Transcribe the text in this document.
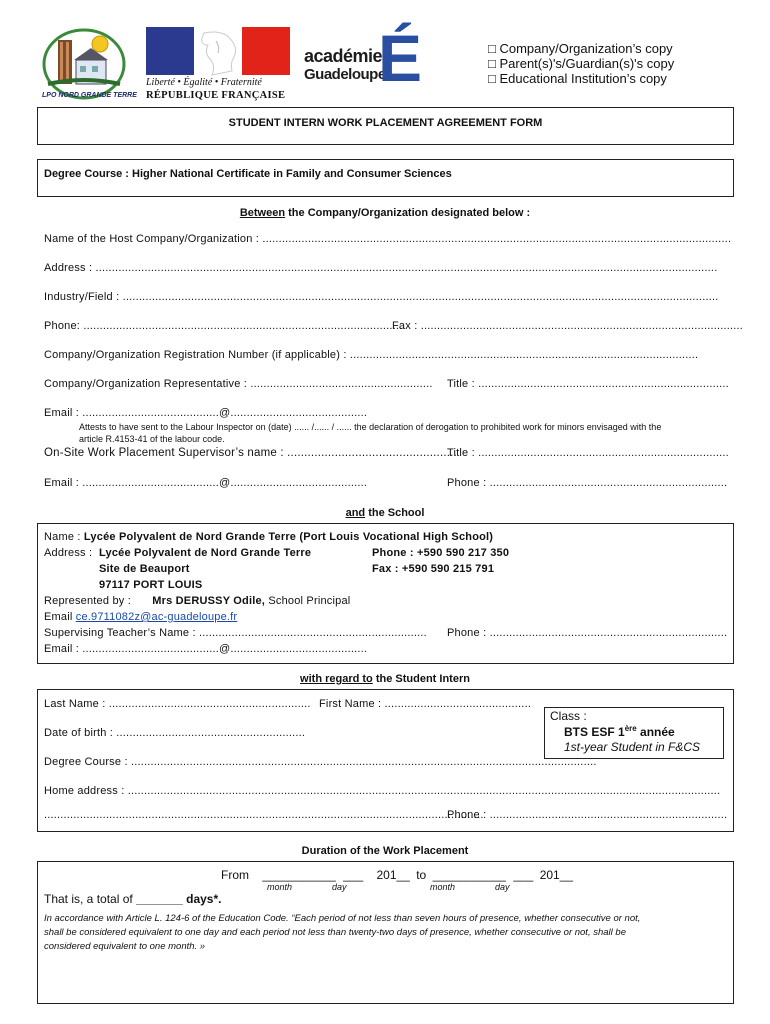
LPO NORD GRANDE TERRE
Liberté • Égalité • Fraternité
RÉPUBLIQUE FRANÇAISE
académie
Guadeloupe
É	□ Company/Organization’s copy
□ Parent(s)'s/Guardian(s)'s copy
□ Educational Institution’s copy
STUDENT INTERN WORK PLACEMENT AGREEMENT FORM
Degree Course : Higher National Certificate in Family and Consumer Sciences
Between the Company/Organization designated below :
Name of the Host Company/Organization : ................................................................................................................................................
Address : ...............................................................................................................................................................................................
Industry/Field : .......................................................................................................................................................................................
Phone: ...................................................................................................
Fax : ...................................................................................................
Company/Organization Registration Number (if applicable) : ...........................................................................................................
Company/Organization Representative : ........................................................	Title : .............................................................................
Email : ..........................................@..........................................
Attests to have sent to the Labour Inspector on (date) ...... /...... / ...... the declaration of derogation to prohibited work for minors envisaged with the
article R.4153-41 of the labour code.
On-Site Work Placement Supervisor’s name : ..................................................
Title : .............................................................................
Email : ..........................................@..........................................	Phone : .........................................................................
and the School
Name : Lycée Polyvalent de Nord Grande Terre (Port Louis Vocational High School)
Address : Lycée Polyvalent de Nord Grande Terre
Site de Beauport
97117 PORT LOUIS
Phone : +590 590 217 350
Fax : +590 590 215 791
Represented by : Mrs DERUSSY Odile, School Principal
Email ce.9711082z@ac-guadeloupe.fr
Supervising Teacher’s Name : ...................................................................... Phone : .........................................................................
Email : ..........................................@..........................................
with regard to the Student Intern
Last Name : .............................................................. First Name : .............................................
Date of birth : ..........................................................
Degree Course : ...............................................................................................................................................
Home address : ......................................................................................................................................................................................
.......................................................................................................................................
Phone : .........................................................................
Class :
BTS ESF 1ère année
1st-year Student in F&CS
Duration of the Work Placement
From ___________ ___ 201__ to ___________ ___ 201__
month	day	month	day
That is, a total of _______ days*.
In accordance with Article L. 124-6 of the Education Code. “Each period of not less than seven hours of presence, whether consecutive or not,
shall be considered equivalent to one day and each period not less than twenty-two days of presence, whether consecutive or not, shall be
considered equivalent to one month. »
